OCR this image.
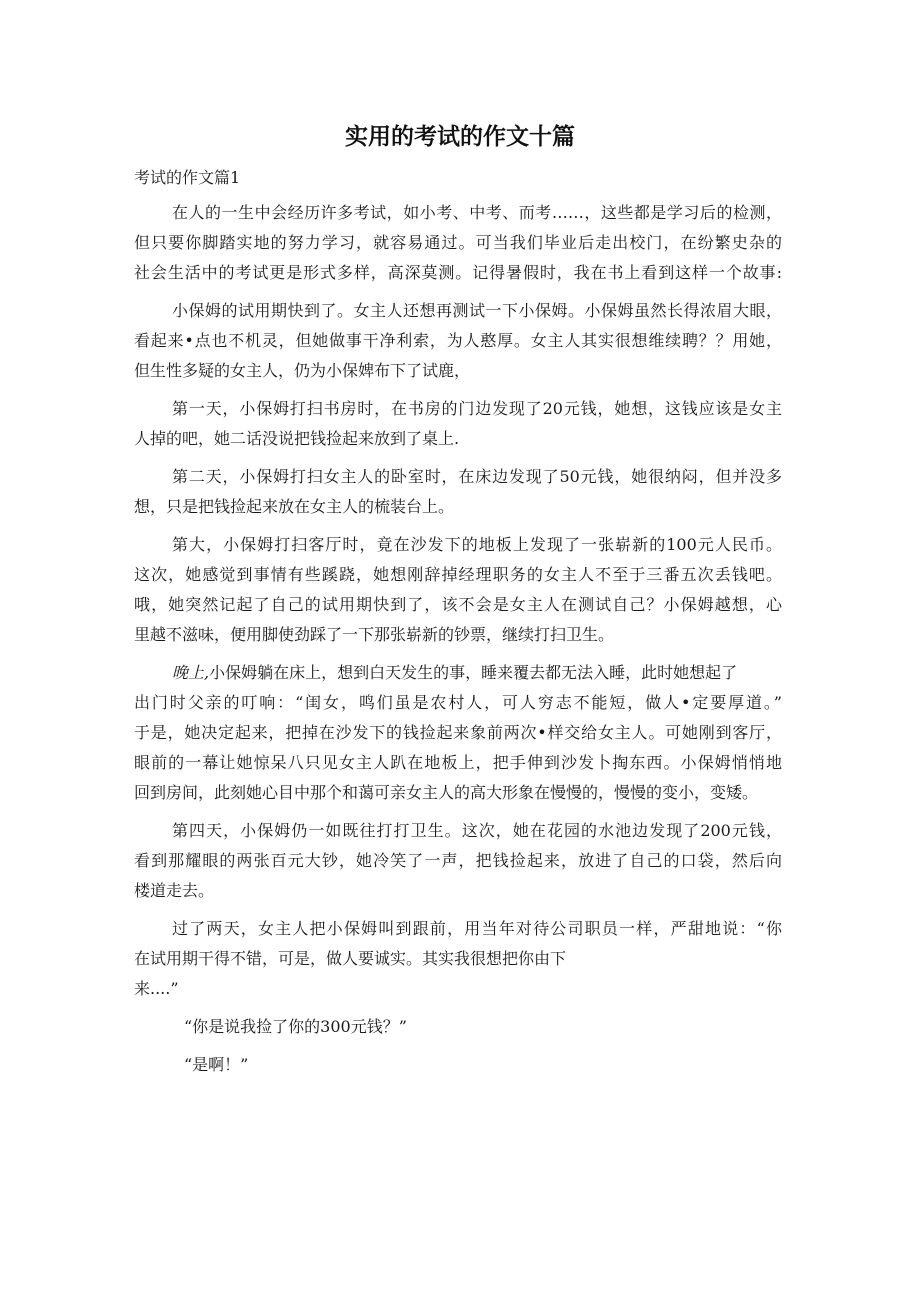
实用的考试的作文十篇
考试的作文篇1
在人的一生中会经历许多考试，如小考、中考、而考……，这些都是学习后的检测，
但只要你脚踏实地的努力学习，就容易通过。可当我们毕业后走出校门，在纷繁史杂的
社会生活中的考试更是形式多样，高深莫测。记得暑假时，我在书上看到这样一个故事:
小保姆的试用期快到了。女主人还想再测试一下小保姆。小保姆虽然长得浓眉大眼，
看起来•点也不机灵，但她做事干净利索，为人憨厚。女主人其实很想维续聘？？用她，
但生性多疑的女主人，仍为小保婢布下了试鹿，
第一天，小保姆打扫书房时，在书房的门边发现了20元钱，她想，这钱应该是女主
人掉的吧，她二话没说把钱捡起来放到了桌上.
第二天，小保姆打扫女主人的卧室时，在床边发现了50元钱，她很纳闷，但并没多
想，只是把钱捡起来放在女主人的梳装台上。
第大，小保姆打扫客厅时，竟在沙发下的地板上发现了一张崭新的100元人民币。
这次，她感觉到事情有些蹊跷，她想刚辞掉经理职务的女主人不至于三番五次丢钱吧。
哦，她突然记起了自己的试用期快到了，该不会是女主人在测试自己？小保姆越想，心
里越不滋味，便用脚使劲踩了一下那张崭新的钞票，继续打扫卫生。
晚上,小保姆躺在床上，想到白天发生的事，睡来覆去都无法入睡，此时她想起了
出门时父亲的叮响：“闺女，鸣们虽是农村人，可人穷志不能短，做人•定要厚道。”
于是，她决定起来，把掉在沙发下的钱捡起来象前两次•样交给女主人。可她刚到客厅，
眼前的一幕让她惊呆八只见女主人趴在地板上，把手伸到沙发卜掏东西。小保姆悄悄地
回到房间，此刻她心目中那个和蔼可亲女主人的高大形象在慢慢的，慢慢的变小，变矮。
第四天，小保姆仍一如既往打打卫生。这次，她在花园的水池边发现了200元钱，
看到那耀眼的两张百元大钞，她冷笑了一声，把钱捡起来，放进了自己的口袋，然后向
楼道走去。
过了两天，女主人把小保姆叫到跟前，用当年对待公司职员一样，严甜地说：“你
在试用期干得不错，可是，做人要诚实。其实我很想把你由下
来....”
“你是说我捡了你的300元钱？”
“是啊！”
